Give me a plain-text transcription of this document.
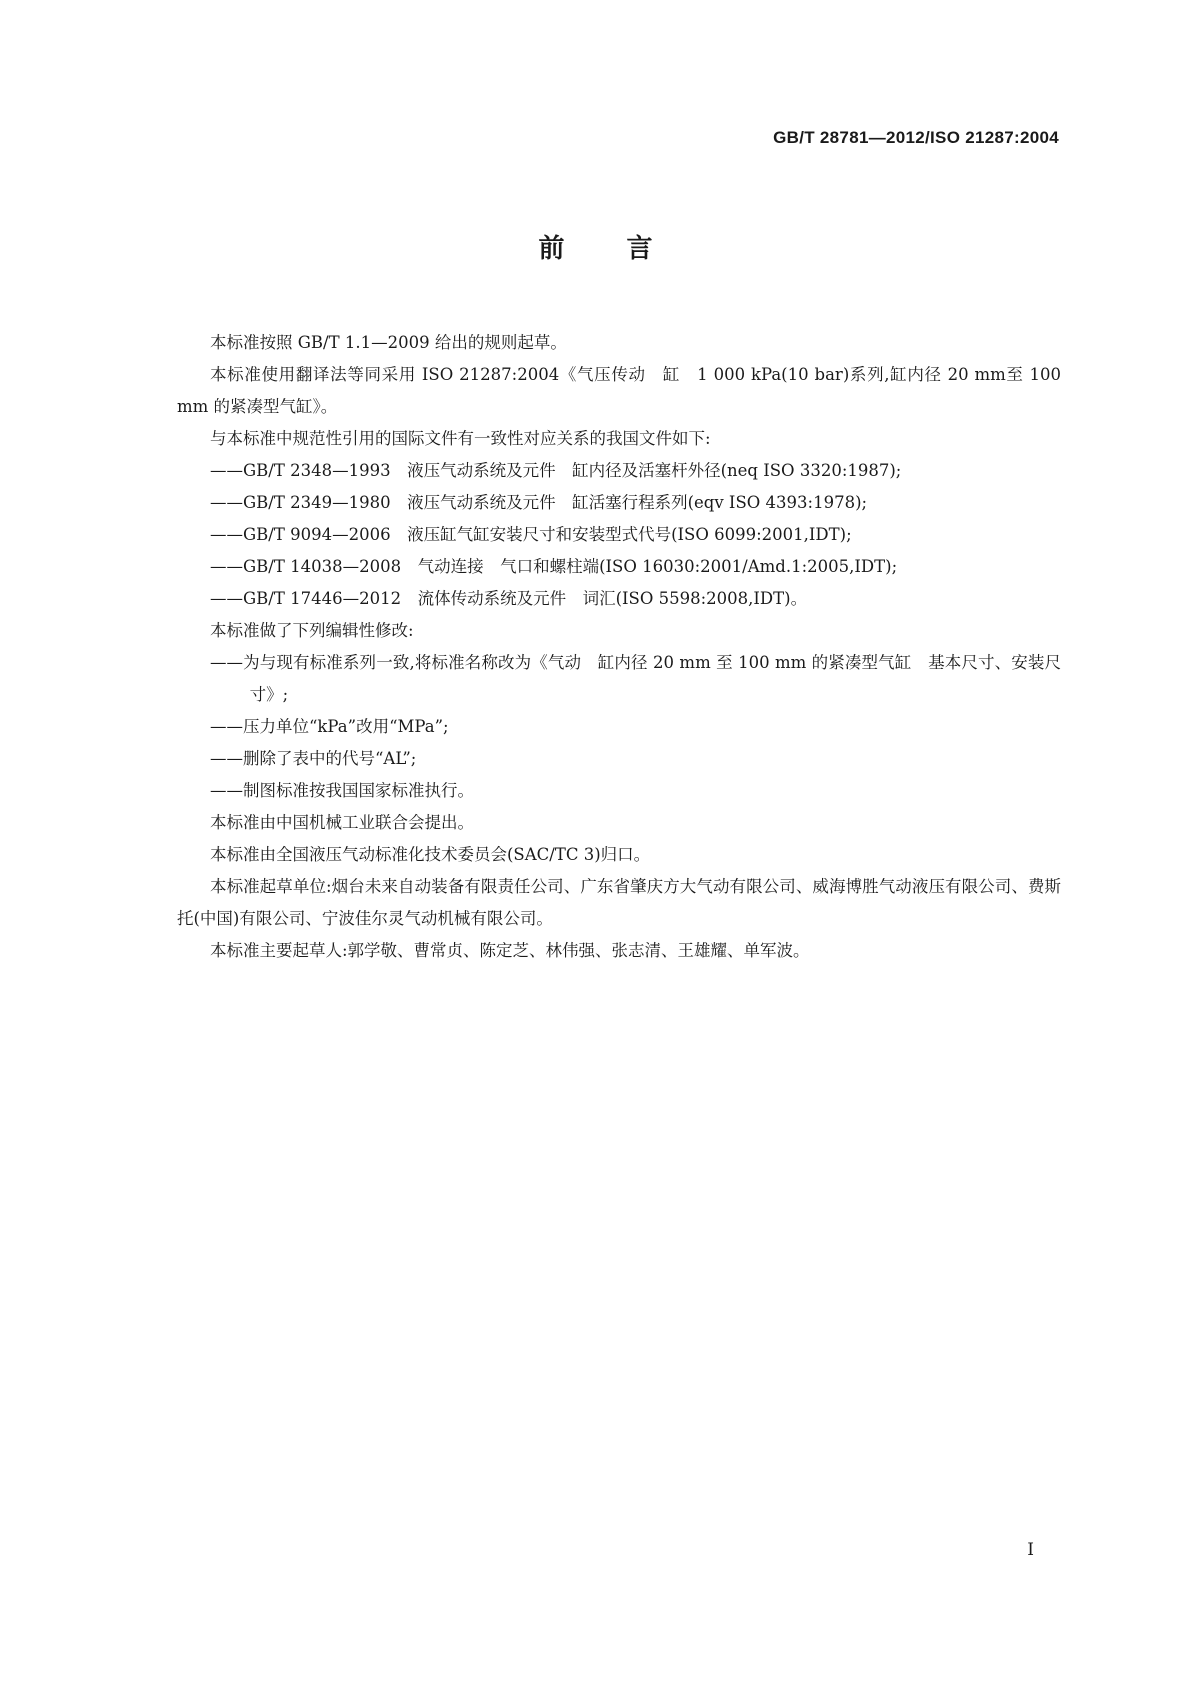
GB/T 28781—2012/ISO 21287:2004
前 言

本标准按照 GB/T 1.1—2009 给出的规则起草。

本标准使用翻译法等同采用 ISO 21287:2004《气压传动　缸　1 000 kPa(10 bar)系列,缸内径 20 mm至 100 mm 的紧凑型气缸》。

与本标准中规范性引用的国际文件有一致性对应关系的我国文件如下:

——GB/T 2348—1993　液压气动系统及元件　缸内径及活塞杆外径(neq ISO 3320:1987);

——GB/T 2349—1980　液压气动系统及元件　缸活塞行程系列(eqv ISO 4393:1978);

——GB/T 9094—2006　液压缸气缸安装尺寸和安装型式代号(ISO 6099:2001,IDT);

——GB/T 14038—2008　气动连接　气口和螺柱端(ISO 16030:2001/Amd.1:2005,IDT);

——GB/T 17446—2012　流体传动系统及元件　词汇(ISO 5598:2008,IDT)。

本标准做了下列编辑性修改:

——为与现有标准系列一致,将标准名称改为《气动　缸内径 20 mm 至 100 mm 的紧凑型气缸　基本尺寸、安装尺寸》;

——压力单位“kPa”改用“MPa”;

——删除了表中的代号“AL”;

——制图标准按我国国家标准执行。

本标准由中国机械工业联合会提出。

本标准由全国液压气动标准化技术委员会(SAC/TC 3)归口。

本标准起草单位:烟台未来自动装备有限责任公司、广东省肇庆方大气动有限公司、威海博胜气动液压有限公司、费斯托(中国)有限公司、宁波佳尔灵气动机械有限公司。

本标准主要起草人:郭学敬、曹常贞、陈定芝、林伟强、张志清、王雄耀、单军波。

I
